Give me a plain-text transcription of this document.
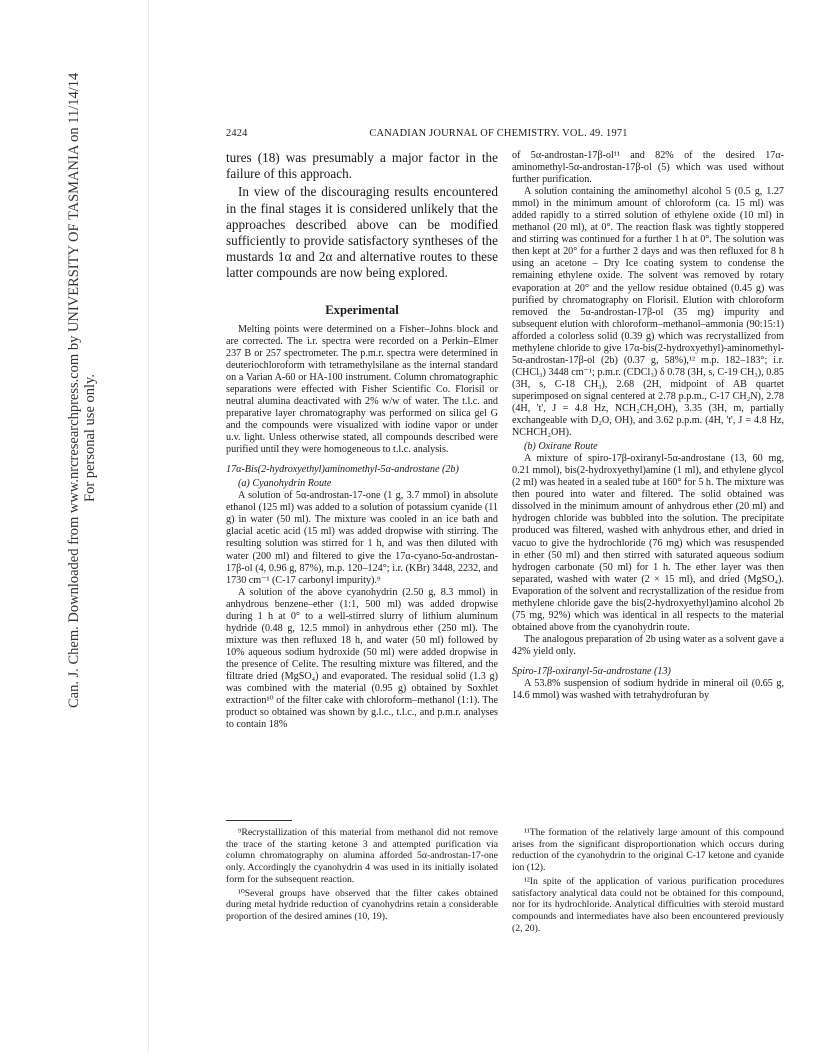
Can. J. Chem. Downloaded from www.nrcresearchpress.com by UNIVERSITY OF TASMANIA on 11/14/14 For personal use only.
2424	CANADIAN JOURNAL OF CHEMISTRY. VOL. 49. 1971

tures (18) was presumably a major factor in the failure of this approach.

In view of the discouraging results encountered in the final stages it is considered unlikely that the approaches described above can be modified sufficiently to provide satisfactory syntheses of the mustards 1α and 2α and alternative routes to these latter compounds are now being explored.

Experimental

Melting points were determined on a Fisher–Johns block and are corrected. The i.r. spectra were recorded on a Perkin–Elmer 237 B or 257 spectrometer. The p.m.r. spectra were determined in deuteriochloroform with tetramethylsilane as the internal standard on a Varian A-60 or HA-100 instrument. Column chromatographic separations were effected with Fisher Scientific Co. Florisil or neutral alumina deactivated with 2% w/w of water. The t.l.c. and preparative layer chromatography was performed on silica gel G and the compounds were visualized with iodine vapor or under u.v. light. Unless otherwise stated, all compounds described were purified until they were homogeneous to t.l.c. analysis.

17α-Bis(2-hydroxyethyl)aminomethyl-5α-androstane (2b)

(a) Cyanohydrin Route

A solution of 5α-androstan-17-one (1 g, 3.7 mmol) in absolute ethanol (125 ml) was added to a solution of potassium cyanide (11 g) in water (50 ml). The mixture was cooled in an ice bath and glacial acetic acid (15 ml) was added dropwise with stirring. The resulting solution was stirred for 1 h, and was then diluted with water (200 ml) and filtered to give the 17α-cyano-5α-androstan-17β-ol (4, 0.96 g, 87%), m.p. 120–124°; i.r. (KBr) 3448, 2232, and 1730 cm⁻¹ (C-17 carbonyl impurity).⁹

A solution of the above cyanohydrin (2.50 g, 8.3 mmol) in anhydrous benzene–ether (1:1, 500 ml) was added dropwise during 1 h at 0° to a well-stirred slurry of lithium aluminum hydride (0.48 g, 12.5 mmol) in anhydrous ether (250 ml). The mixture was then refluxed 18 h, and water (50 ml) followed by 10% aqueous sodium hydroxide (50 ml) were added dropwise in the presence of Celite. The resulting mixture was filtered, and the filtrate dried (MgSO₄) and evaporated. The residual solid (1.3 g) was combined with the material (0.95 g) obtained by Soxhlet extraction¹⁰ of the filter cake with chloroform–methanol (1:1). The product so obtained was shown by g.l.c., t.l.c., and p.m.r. analyses to contain 18%

of 5α-androstan-17β-ol¹¹ and 82% of the desired 17α-aminomethyl-5α-androstan-17β-ol (5) which was used without further purification.

A solution containing the aminomethyl alcohol 5 (0.5 g, 1.27 mmol) in the minimum amount of chloroform (ca. 15 ml) was added rapidly to a stirred solution of ethylene oxide (10 ml) in methanol (20 ml), at 0°. The reaction flask was tightly stoppered and stirring was continued for a further 1 h at 0°. The solution was then kept at 20° for a further 2 days and was then refluxed for 8 h using an acetone – Dry Ice coating system to condense the remaining ethylene oxide. The solvent was removed by rotary evaporation at 20° and the yellow residue obtained (0.45 g) was purified by chromatography on Florisil. Elution with chloroform removed the 5α-androstan-17β-ol (35 mg) impurity and subsequent elution with chloroform–methanol–ammonia (90:15:1) afforded a colorless solid (0.39 g) which was recrystallized from methylene chloride to give 17α-bis(2-hydroxyethyl)-aminomethyl-5α-androstan-17β-ol (2b) (0.37 g, 58%),¹² m.p. 182–183°; i.r. (CHCl₃) 3448 cm⁻¹; p.m.r. (CDCl₃) δ 0.78 (3H, s, C-19 CH₃), 0.85 (3H, s, C-18 CH₃), 2.68 (2H, midpoint of AB quartet superimposed on signal centered at 2.78 p.p.m., C-17 CH₂N), 2.78 (4H, 't', J = 4.8 Hz, NCH₂CH₂OH), 3.35 (3H, m, partially exchangeable with D₂O, OH), and 3.62 p.p.m. (4H, 't', J = 4.8 Hz, NCHCH₂OH).

(b) Oxirane Route

A mixture of spiro-17β-oxiranyl-5α-androstane (13, 60 mg, 0.21 mmol), bis(2-hydroxyethyl)amine (1 ml), and ethylene glycol (2 ml) was heated in a sealed tube at 160° for 5 h. The mixture was then poured into water and filtered. The solid obtained was dissolved in the minimum amount of anhydrous ether (20 ml) and hydrogen chloride was bubbled into the solution. The precipitate produced was filtered, washed with anhydrous ether, and dried in vacuo to give the hydrochloride (76 mg) which was resuspended in ether (50 ml) and then stirred with saturated aqueous sodium hydrogen carbonate (50 ml) for 1 h. The ether layer was then separated, washed with water (2 × 15 ml), and dried (MgSO₄). Evaporation of the solvent and recrystallization of the residue from methylene chloride gave the bis(2-hydroxyethyl)amino alcohol 2b (75 mg, 92%) which was identical in all respects to the material obtained above from the cyanohydrin route.

The analogous preparation of 2b using water as a solvent gave a 42% yield only.

Spiro-17β-oxiranyl-5α-androstane (13)

A 53.8% suspension of sodium hydride in mineral oil (0.65 g, 14.6 mmol) was washed with tetrahydrofuran by

⁹Recrystallization of this material from methanol did not remove the trace of the starting ketone 3 and attempted purification via column chromatography on alumina afforded 5α-androstan-17-one only. Accordingly the cyanohydrin 4 was used in its initially isolated form for the subsequent reaction.

¹⁰Several groups have observed that the filter cakes obtained during metal hydride reduction of cyanohydrins retain a considerable proportion of the desired amines (10, 19).

¹¹The formation of the relatively large amount of this compound arises from the significant disproportionation which occurs during reduction of the cyanohydrin to the original C-17 ketone and cyanide ion (12).

¹²In spite of the application of various purification procedures satisfactory analytical data could not be obtained for this compound, nor for its hydrochloride. Analytical difficulties with steroid mustard compounds and intermediates have also been encountered previously (2, 20).
